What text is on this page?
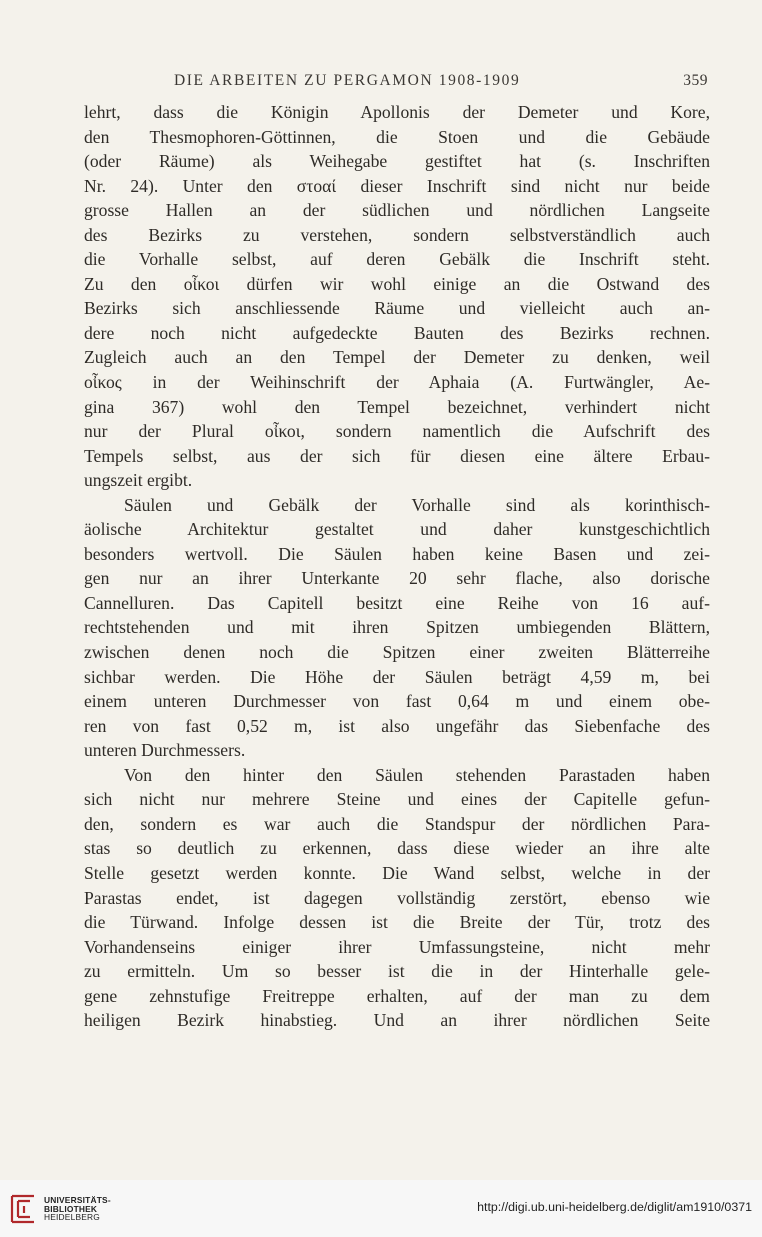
DIE ARBEITEN ZU PERGAMON 1908-1909	359
lehrt, dass die Königin Apollonis der Demeter und Kore,
den Thesmophoren-Göttinnen, die Stoen und die Gebäude
(oder Räume) als Weihegabe gestiftet hat (s. Inschriften
Nr. 24). Unter den στοαί dieser Inschrift sind nicht nur beide
grosse Hallen an der südlichen und nördlichen Langseite
des Bezirks zu verstehen, sondern selbstverständlich auch
die Vorhalle selbst, auf deren Gebälk die Inschrift steht.
Zu den οἶκοι dürfen wir wohl einige an die Ostwand des
Bezirks sich anschliessende Räume und vielleicht auch an-
dere noch nicht aufgedeckte Bauten des Bezirks rechnen.
Zugleich auch an den Tempel der Demeter zu denken, weil
οἶκος in der Weihinschrift der Aphaia (A. Furtwängler, Ae-
gina 367) wohl den Tempel bezeichnet, verhindert nicht
nur der Plural οἶκοι, sondern namentlich die Aufschrift des
Tempels selbst, aus der sich für diesen eine ältere Erbau-
ungszeit ergibt.
Säulen und Gebälk der Vorhalle sind als korinthisch-
äolische Architektur gestaltet und daher kunstgeschichtlich
besonders wertvoll. Die Säulen haben keine Basen und zei-
gen nur an ihrer Unterkante 20 sehr flache, also dorische
Cannelluren. Das Capitell besitzt eine Reihe von 16 auf-
rechtstehenden und mit ihren Spitzen umbiegenden Blättern,
zwischen denen noch die Spitzen einer zweiten Blätterreihe
sichbar werden. Die Höhe der Säulen beträgt 4,59 m, bei
einem unteren Durchmesser von fast 0,64 m und einem obe-
ren von fast 0,52 m, ist also ungefähr das Siebenfache des
unteren Durchmessers.
Von den hinter den Säulen stehenden Parastaden haben
sich nicht nur mehrere Steine und eines der Capitelle gefun-
den, sondern es war auch die Standspur der nördlichen Para-
stas so deutlich zu erkennen, dass diese wieder an ihre alte
Stelle gesetzt werden konnte. Die Wand selbst, welche in der
Parastas endet, ist dagegen vollständig zerstört, ebenso wie
die Türwand. Infolge dessen ist die Breite der Tür, trotz des
Vorhandenseins einiger ihrer Umfassungsteine, nicht mehr
zu ermitteln. Um so besser ist die in der Hinterhalle gele-
gene zehnstufige Freitreppe erhalten, auf der man zu dem
heiligen Bezirk hinabstieg. Und an ihrer nördlichen Seite
UNIVERSITÄTS-
BIBLIOTHEK
HEIDELBERG
http://digi.ub.uni-heidelberg.de/diglit/am1910/0371
